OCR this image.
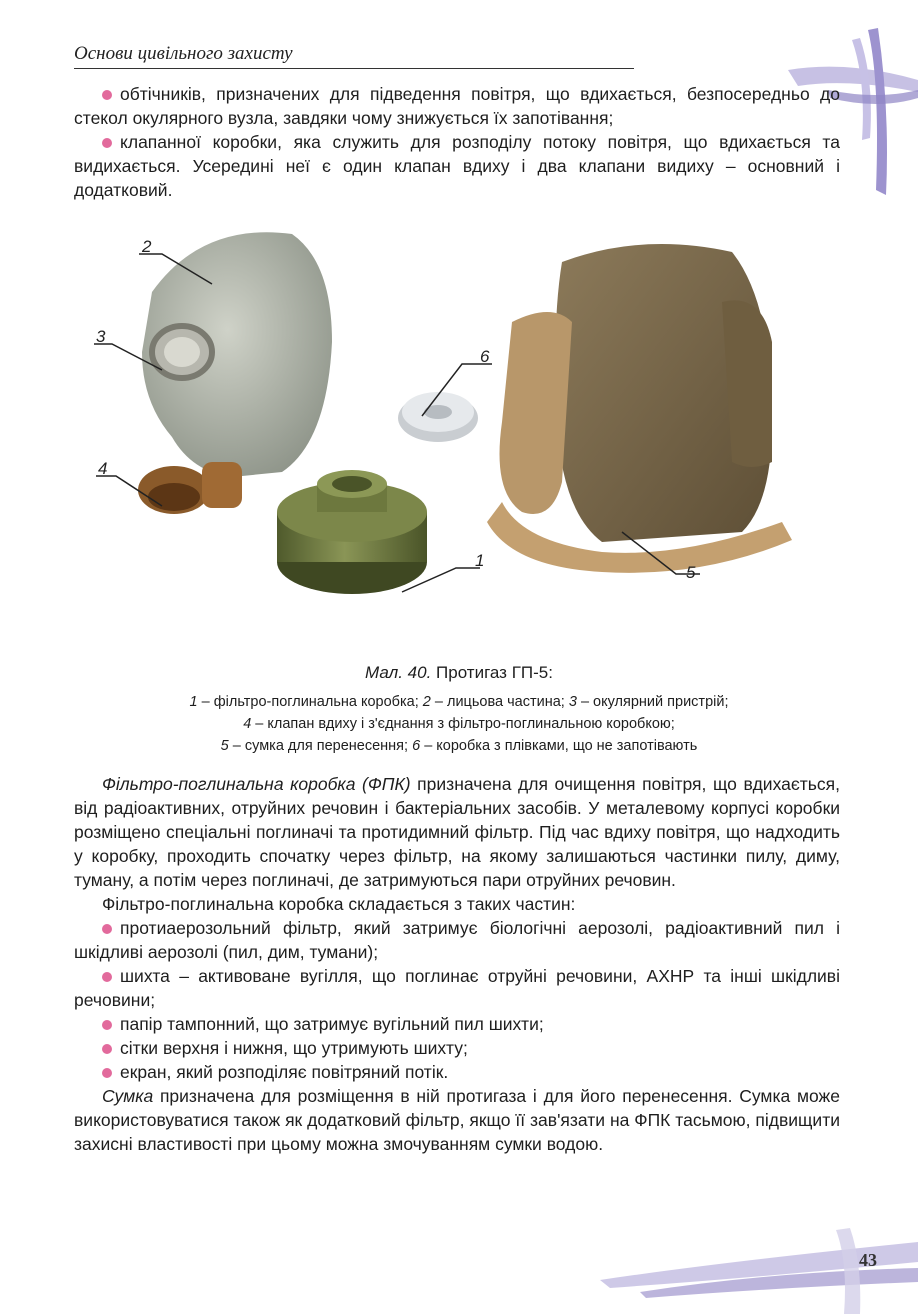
Основи цивільного захисту

обтічників, призначених для підведення повітря, що вдихається, безпосередньо до стекол окулярного вузла, завдяки чому знижується їх запотівання;

клапанної коробки, яка служить для розподілу потоку повітря, що вдихається та видихається. Усередині неї є один клапан вдиху і два клапани видиху – основний і додатковий.

1
2
3
4
5
6
Мал. 40. Протигаз ГП-5:
1 – фільтро-поглинальна коробка; 2 – лицьова частина; 3 – окулярний пристрій;
4 – клапан вдиху і з'єднання з фільтро-поглинальною коробкою;
5 – сумка для перенесення; 6 – коробка з плівками, що не запотівають

Фільтро-поглинальна коробка (ФПК) призначена для очищення повітря, що вдихається, від радіоактивних, отруйних речовин і бактеріальних засобів. У металевому корпусі коробки розміщено спеціальні поглиначі та протидимний фільтр. Під час вдиху повітря, що надходить у коробку, проходить спочатку через фільтр, на якому залишаються частинки пилу, диму, туману, а потім через поглиначі, де затримуються пари отруйних речовин.

Фільтро-поглинальна коробка складається з таких частин:

протиаерозольний фільтр, який затримує біологічні аерозолі, радіоактивний пил і шкідливі аерозолі (пил, дим, тумани);

шихта – активоване вугілля, що поглинає отруйні речовини, АХНР та інші шкідливі речовини;

папір тампонний, що затримує вугільний пил шихти;

сітки верхня і нижня, що утримують шихту;

екран, який розподіляє повітряний потік.

Сумка призначена для розміщення в ній протигаза і для його перенесення. Сумка може використовуватися також як додатковий фільтр, якщо її зав'язати на ФПК тасьмою, підвищити захисні властивості при цьому можна змочуванням сумки водою.

43
